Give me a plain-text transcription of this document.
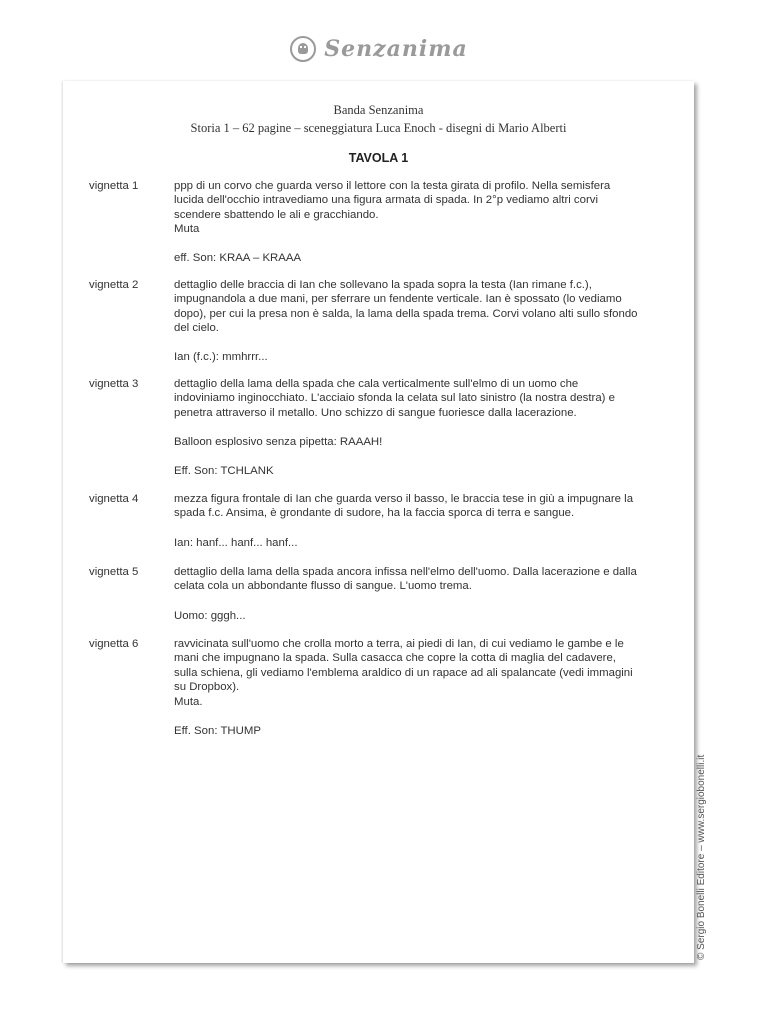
Senzanima
Banda Senzanima
Storia 1 – 62 pagine – sceneggiatura Luca Enoch - disegni di Mario Alberti
TAVOLA 1
vignetta 1	ppp di un corvo che guarda verso il lettore con la testa girata di profilo. Nella semisfera
lucida dell'occhio intravediamo una figura armata di spada. In 2°p vediamo altri corvi
scendere sbattendo le ali e gracchiando.
Muta
eff. Son: KRAA – KRAAA
vignetta 2	dettaglio delle braccia di Ian che sollevano la spada sopra la testa (Ian rimane f.c.),
impugnandola a due mani, per sferrare un fendente verticale. Ian è spossato (lo vediamo
dopo), per cui la presa non è salda, la lama della spada trema. Corvi volano alti sullo sfondo
del cielo.
Ian (f.c.): mmhrrr...
vignetta 3	dettaglio della lama della spada che cala verticalmente sull'elmo di un uomo che
indoviniamo inginocchiato. L'acciaio sfonda la celata sul lato sinistro (la nostra destra) e
penetra attraverso il metallo. Uno schizzo di sangue fuoriesce dalla lacerazione.
Balloon esplosivo senza pipetta: RAAAH!
Eff. Son: TCHLANK
vignetta 4	mezza figura frontale di Ian che guarda verso il basso, le braccia tese in giù a impugnare la
spada f.c. Ansima, è grondante di sudore, ha la faccia sporca di terra e sangue.
Ian: hanf... hanf... hanf...
vignetta 5	dettaglio della lama della spada ancora infissa nell'elmo dell'uomo. Dalla lacerazione e dalla
celata cola un abbondante flusso di sangue. L'uomo trema.
Uomo: gggh...
vignetta 6	ravvicinata sull'uomo che crolla morto a terra, ai piedi di Ian, di cui vediamo le gambe e le
mani che impugnano la spada. Sulla casacca che copre la cotta di maglia del cadavere,
sulla schiena, gli vediamo l'emblema araldico di un rapace ad ali spalancate (vedi immagini
su Dropbox).
Muta.
Eff. Son: THUMP
© Sergio Bonelli Editore – www.sergiobonelli.it
